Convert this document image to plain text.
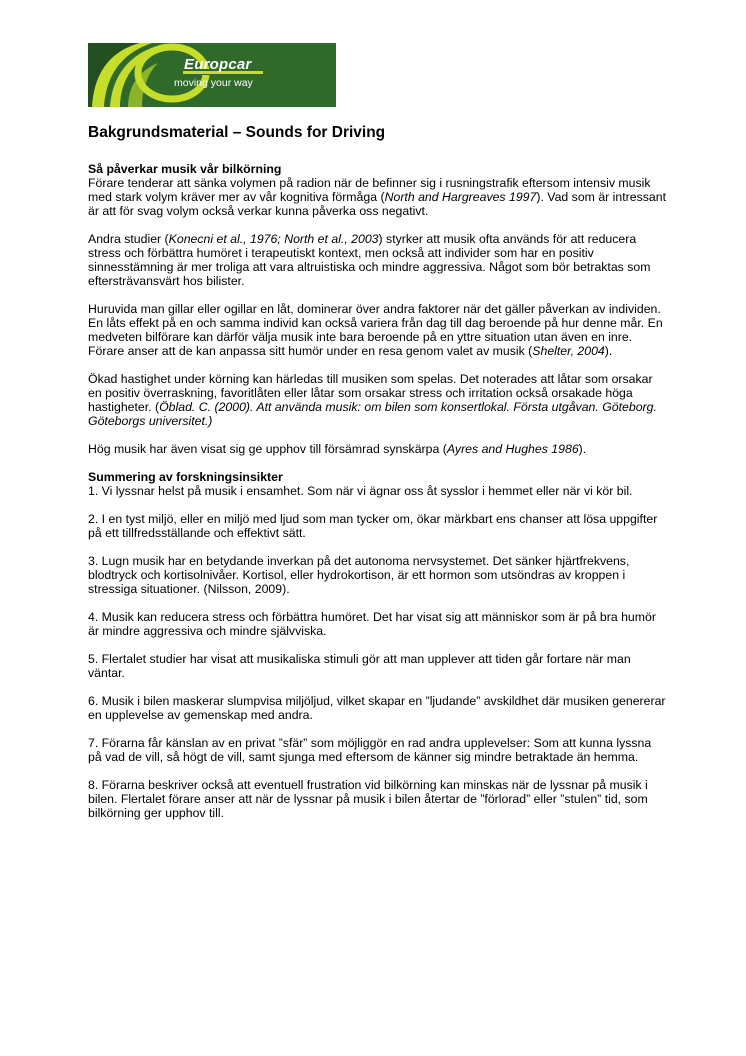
Europcar
moving your way
Bakgrundsmaterial – Sounds for Driving
Så påverkar musik vår bilkörning

Förare tenderar att sänka volymen på radion när de befinner sig i rusningstrafik eftersom intensiv musik med stark volym kräver mer av vår kognitiva förmåga (North and Hargreaves 1997). Vad som är intressant är att för svag volym också verkar kunna påverka oss negativt.

Andra studier (Konecni et al., 1976; North et al., 2003) styrker att musik ofta används för att reducera stress och förbättra humöret i terapeutiskt kontext, men också att individer som har en positiv sinnesstämning är mer troliga att vara altruistiska och mindre aggressiva. Något som bör betraktas som eftersträvansvärt hos bilister.

Huruvida man gillar eller ogillar en låt, dominerar över andra faktorer när det gäller påverkan av individen. En låts effekt på en och samma individ kan också variera från dag till dag beroende på hur denne mår. En medveten bilförare kan därför välja musik inte bara beroende på en yttre situation utan även en inre. Förare anser att de kan anpassa sitt humör under en resa genom valet av musik (Shelter, 2004).

Ökad hastighet under körning kan härledas till musiken som spelas. Det noterades att låtar som orsakar en positiv överraskning, favoritlåten eller låtar som orsakar stress och irritation också orsakade höga hastigheter. (Öblad. C. (2000). Att använda musik: om bilen som konsertlokal. Första utgåvan. Göteborg. Göteborgs universitet.)

Hög musik har även visat sig ge upphov till försämrad synskärpa (Ayres and Hughes 1986).

Summering av forskningsinsikter

1. Vi lyssnar helst på musik i ensamhet. Som när vi ägnar oss åt sysslor i hemmet eller när vi kör bil.

2. I en tyst miljö, eller en miljö med ljud som man tycker om, ökar märkbart ens chanser att lösa uppgifter på ett tillfredsställande och effektivt sätt.

3. Lugn musik har en betydande inverkan på det autonoma nervsystemet. Det sänker hjärtfrekvens, blodtryck och kortisolnivåer. Kortisol, eller hydrokortison, är ett hormon som utsöndras av kroppen i stressiga situationer. (Nilsson, 2009).

4. Musik kan reducera stress och förbättra humöret. Det har visat sig att människor som är på bra humör är mindre aggressiva och mindre självviska.

5. Flertalet studier har visat att musikaliska stimuli gör att man upplever att tiden går fortare när man väntar.

6. Musik i bilen maskerar slumpvisa miljöljud, vilket skapar en ”ljudande” avskildhet där musiken genererar en upplevelse av gemenskap med andra.

7. Förarna får känslan av en privat ”sfär” som möjliggör en rad andra upplevelser: Som att kunna lyssna på vad de vill, så högt de vill, samt sjunga med eftersom de känner sig mindre betraktade än hemma.

8. Förarna beskriver också att eventuell frustration vid bilkörning kan minskas när de lyssnar på musik i bilen. Flertalet förare anser att när de lyssnar på musik i bilen återtar de ”förlorad” eller ”stulen” tid, som bilkörning ger upphov till.
